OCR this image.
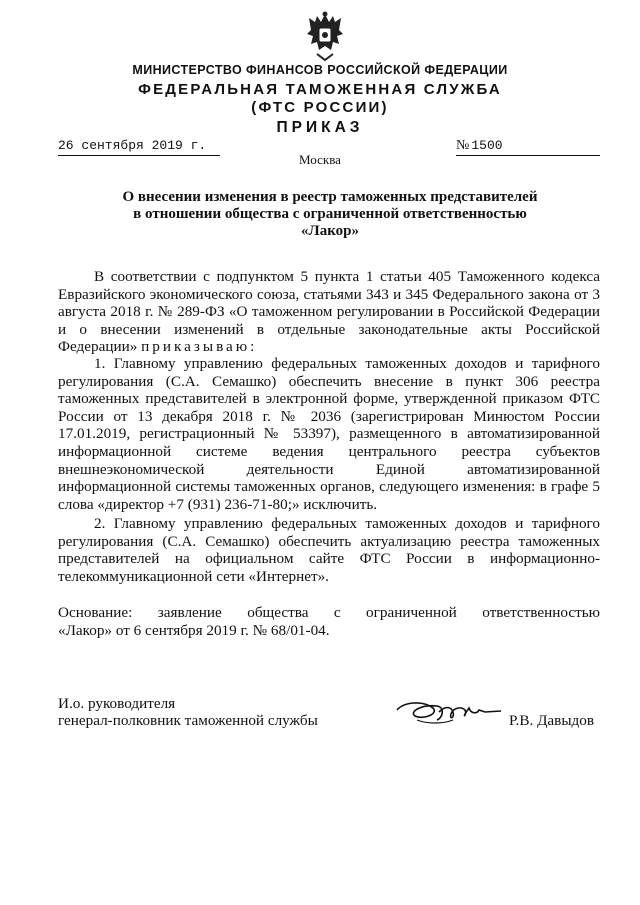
МИНИСТЕРСТВО ФИНАНСОВ РОССИЙСКОЙ ФЕДЕРАЦИИ
ФЕДЕРАЛЬНАЯ ТАМОЖЕННАЯ СЛУЖБА
(ФТС РОССИИ)
ПРИКАЗ
26 сентября 2019 г.	№ 1500
Москва
О внесении изменения в реестр таможенных представителей
в отношении общества с ограниченной ответственностью
«Лакор»

В соответствии с подпунктом 5 пункта 1 статьи 405 Таможенного кодекса Евразийского экономического союза, статьями 343 и 345 Федерального закона от 3 августа 2018 г. № 289-ФЗ «О таможенном регулировании в Российской Федерации и о внесении изменений в отдельные законодательные акты Российской Федерации» приказываю:

1. Главному управлению федеральных таможенных доходов и тарифного регулирования (С.А. Семашко) обеспечить внесение в пункт 306 реестра таможенных представителей в электронной форме, утвержденной приказом ФТС России от 13 декабря 2018 г. № 2036 (зарегистрирован Минюстом России 17.01.2019, регистрационный № 53397), размещенного в автоматизированной информационной системе ведения центрального реестра субъектов внешнеэкономической деятельности Единой автоматизированной информационной системы таможенных органов, следующего изменения: в графе 5 слова «директор +7 (931) 236-71-80;» исключить.

2. Главному управлению федеральных таможенных доходов и тарифного регулирования (С.А. Семашко) обеспечить актуализацию реестра таможенных представителей на официальном сайте ФТС России в информационно-телекоммуникационной сети «Интернет».

Основание: заявление общества с ограниченной ответственностью
«Лакор» от 6 сентября 2019 г. № 68/01-04.
И.о. руководителя
генерал-полковник таможенной службы	Р.В. Давыдов
